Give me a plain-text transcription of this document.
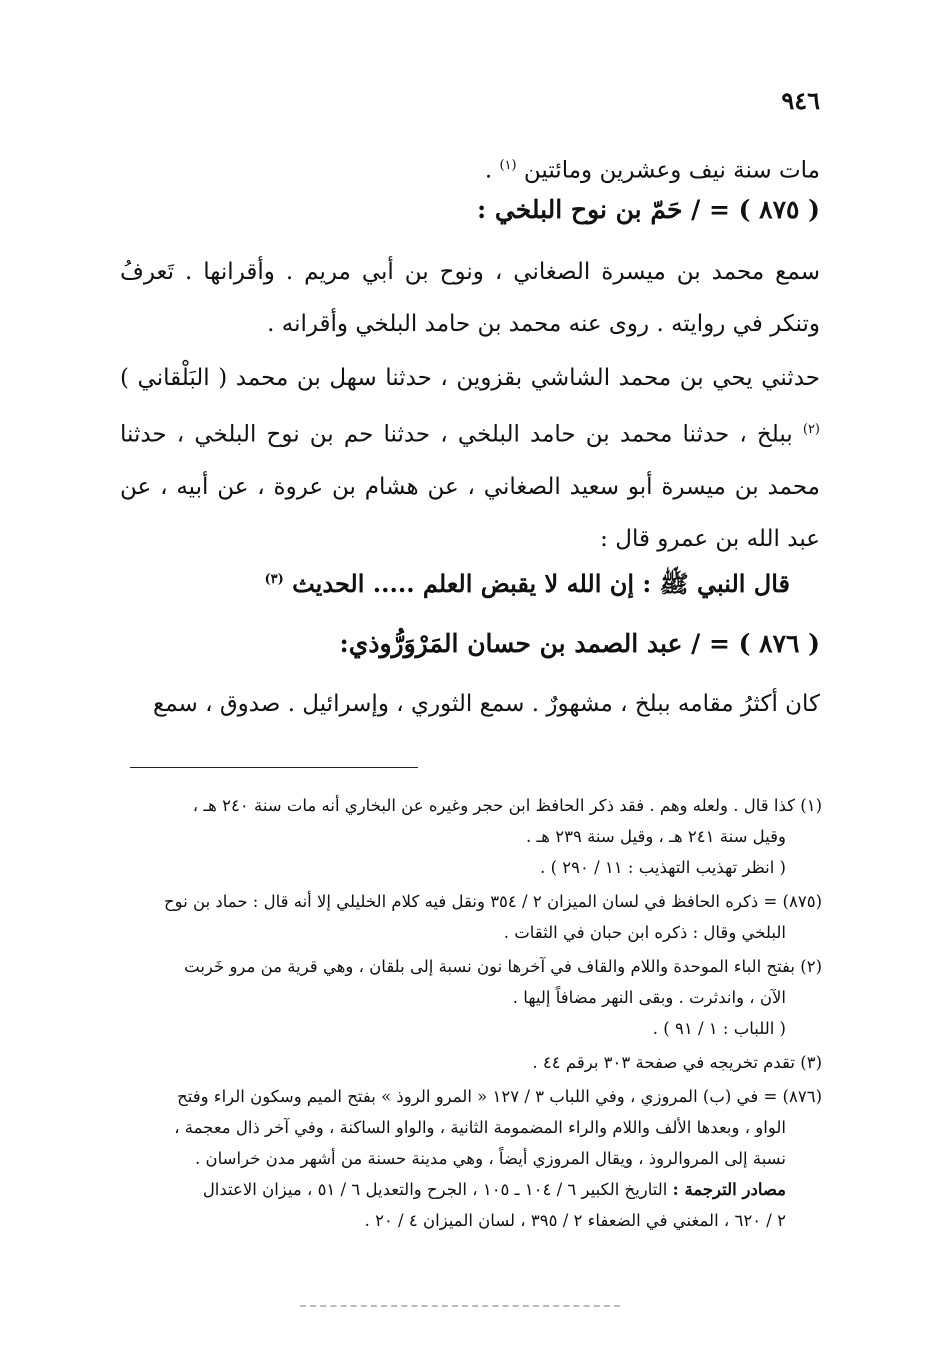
٩٤٦
مات سنة نيف وعشرين ومائتين $^{(١)}$ .
( ٨٧٥ ) = / حَمّ بن نوح البلخي :
سمع محمد بن ميسرة الصغاني ، ونوح بن أبي مريم . وأقرانها . تَعرفُ وتنكر في روايته . روى عنه محمد بن حامد البلخي وأقرانه .
حدثني يحي بن محمد الشاشي بقزوين ، حدثنا سهل بن محمد ( البَلْقاني ) $^{(٢)}$ ببلخ ، حدثنا محمد بن حامد البلخي ، حدثنا حم بن نوح البلخي ، حدثنا محمد بن ميسرة أبو سعيد الصغاني ، عن هشام بن عروة ، عن أبيه ، عن عبد الله بن عمرو قال :
قال النبي ﷺ : إن الله لا يقبض العلم ..... الحديث $^{(٣)}$
( ٨٧٦ ) = / عبد الصمد بن حسان المَرْوَرُّوذي:
كان أكثرُ مقامه ببلخ ، مشهورٌ . سمع الثوري ، وإسرائيل . صدوق ، سمع
(١) كذا قال . ولعله وهم . فقد ذكر الحافظ ابن حجر وغيره عن البخاري أنه مات سنة ٢٤٠ هـ ،
وقيل سنة ٢٤١ هـ ، وقيل سنة ٢٣٩ هـ .
( انظر تهذيب التهذيب : ١١ / ٢٩٠ ) .
(٨٧٥) = ذكره الحافظ في لسان الميزان ٢ / ٣٥٤ ونقل فيه كلام الخليلي إلا أنه قال : حماد بن نوح
البلخي وقال : ذكره ابن حبان في الثقات .
(٢) بفتح الباء الموحدة واللام والقاف في آخرها نون نسبة إلى بلقان ، وهي قرية من مرو خَربت
الآن ، واندثرت . وبقى النهر مضافاً إليها .
( اللباب : ١ / ٩١ ) .
(٣) تقدم تخريجه في صفحة ٣٠٣ برقم ٤٤ .
(٨٧٦) = في (ب) المروزي ، وفي اللباب ٣ / ١٢٧ « المرو الروذ » بفتح الميم وسكون الراء وفتح
الواو ، وبعدها الألف واللام والراء المضمومة الثانية ، والواو الساكنة ، وفي آخر ذال معجمة ،
نسبة إلى المروالروذ ، ويقال المروزي أيضاً ، وهي مدينة حسنة من أشهر مدن خراسان .
مصادر الترجمة : التاريخ الكبير ٦ / ١٠٤ ـ ١٠٥ ، الجرح والتعديل ٦ / ٥١ ، ميزان الاعتدال
٢ / ٦٢٠ ، المغني في الضعفاء ٢ / ٣٩٥ ، لسان الميزان ٤ / ٢٠ .
